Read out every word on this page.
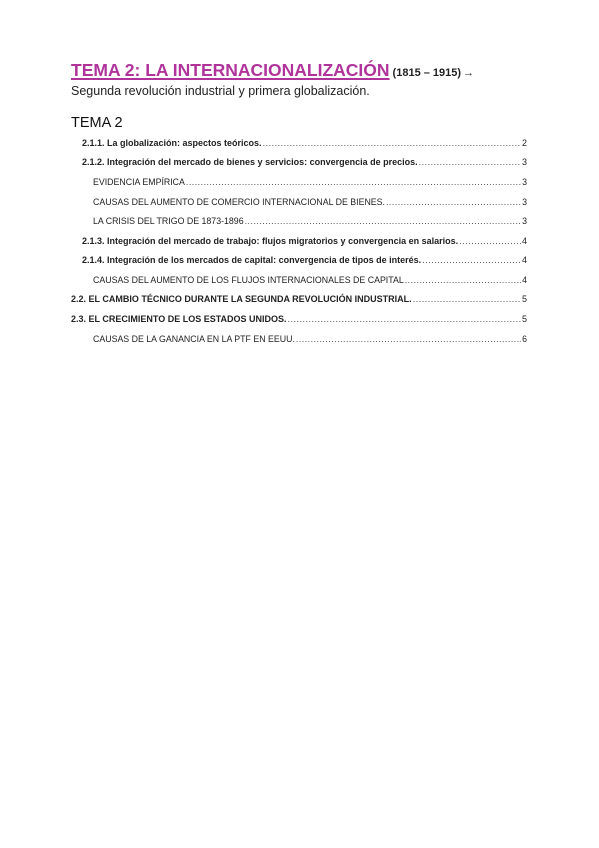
TEMA 2: LA INTERNACIONALIZACIÓN (1815 – 1915) →
Segunda revolución industrial y primera globalización.
TEMA 2
2.1.1. La globalización: aspectos teóricos. .....	2
2.1.2. Integración del mercado de bienes y servicios: convergencia de precios. .....	3
EVIDENCIA EMPÍRICA .....	3
CAUSAS DEL AUMENTO DE COMERCIO INTERNACIONAL DE BIENES. .....	3
LA CRISIS DEL TRIGO DE 1873-1896 .....	3
2.1.3. Integración del mercado de trabajo: flujos migratorios y convergencia en salarios. .....	4
2.1.4. Integración de los mercados de capital: convergencia de tipos de interés. .....	4
CAUSAS DEL AUMENTO DE LOS FLUJOS INTERNACIONALES DE CAPITAL .....	4
2.2. EL CAMBIO TÉCNICO DURANTE LA SEGUNDA REVOLUCIÓN INDUSTRIAL. .....	5
2.3. EL CRECIMIENTO DE LOS ESTADOS UNIDOS. .....	5
CAUSAS DE LA GANANCIA EN LA PTF EN EEUU. .....	6
